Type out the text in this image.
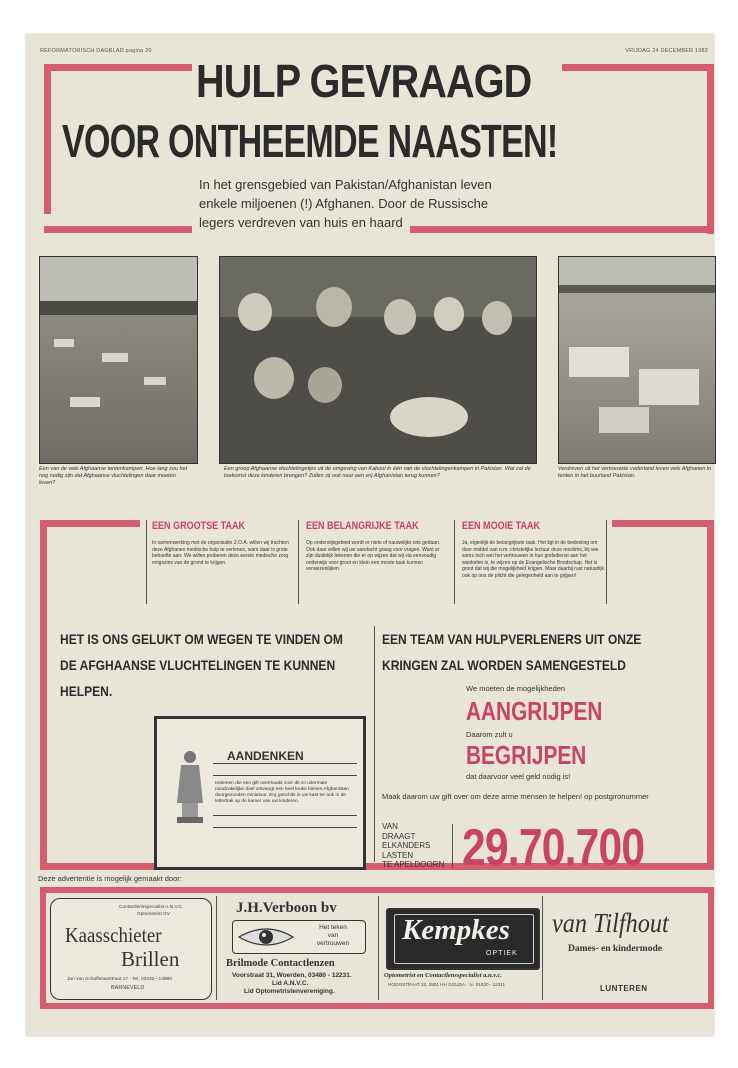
REFORMATORISCH DAGBLAD pagina 20	VRIJDAG 24 DECEMBER 1982
HULP GEVRAAGD
VOOR ONTHEEMDE NAASTEN!
In het grensgebied van Pakistan/Afghanistan leven
enkele miljoenen (!) Afghanen. Door de Russische
legers verdreven van huis en haard
Een van de vele Afghaanse tentenkampen. Hoe lang zou het nog nodig zijn dat Afghaanse vluchtelingen daar moeten leven?
Een groep Afghaanse vluchtelingetjes uit de omgeving van Kabool in één van de vluchtelingenkampen in Pakistan. Wat zal de toekomst deze kinderen brengen? Zullen zij ooit naar een vrij Afghanistan terug kunnen?
Verdreven uit het vertrouwde vaderland leven vele Afghanen in tenten in het buurland Pakistan.
EEN GROOTSE TAAK
In samenwerking met de organisatie Z.O.A. willen wij trachten deze Afghanen medische hulp te verlenen, want daar is grote behoefte aan. We willen proberen deze eerste medische zorg enigszins van de grond te krijgen.
EEN BELANGRIJKE TAAK
Op onderwijsgebied wordt er niets of nauwelijks iets gedaan. Ook daar willen wij uw aandacht graag voor vragen. Want er zijn duidelijk tekenen die er op wijzen dat wij via eenvoudig onderwijs voor groot en klein een mooie taak kunnen verwezenlijken.
EEN MOOIE TAAK
Ja, eigenlijk de belangrijkste taak. Het ligt in de bedoeling om door middel van o.m. christelijke lectuur deze moslims, bij wie soms toch wel het vertrouwen in hun godsdienst aan het wankelen is, te wijzen op de Evangelische Boodschap. Het is groot dat wij die mogelijkheid krijgen. Maar daarbij rust natuurlijk ook op ons de plicht die gelegenheid aan te grijpen!
HET IS ONS GELUKT OM WEGEN TE VINDEN OM
DE AFGHAANSE VLUCHTELINGEN TE KUNNEN
HELPEN.
AANDENKEN
Iedereen die een gift overmaakt voor dit zo uitermate noodzakelijke doel ontvangt een heel leuke binnen Afghanistan doorgezonden miniatuur. Erg geschikt in uw kast ter ook in de letterbak op de kamer van uw kinderen.
EEN TEAM VAN HULPVERLENERS UIT ONZE
KRINGEN ZAL WORDEN SAMENGESTELD
We moeten de mogelijkheden
AANGRIJPEN
Daarom zult u
BEGRIJPEN
dat daarvoor veel geld nodig is!
Maak daarom uw gift over om deze arme mensen te helpen! op postgironummer
VAN
DRAAGT
ELKANDERS
LASTEN
TE APELDOORN 29.70.700
Deze advertentie is mogelijk gemaakt door:
Contactlensspecialist A.N.V.C.
Optometrist GV
Kaasschieter
Brillen
Jan van Schaffelaarstraat 17 - Tel. 03420 - 14980
BARNEVELD
J.H.Verboon bv
Het teken
van
vertrouwen
Brilmode Contactlenzen
Voorstraat 31, Woerden, 03480 - 12231.
Lid A.N.V.C.
Lid Optometristenvereniging.
Kempkes
OPTIEK
Optometrist en Contactlensspecialist a.n.v.c.
HOOGSTRAAT 22, 2801 HH GOUDA · ☏ 01820 - 12311
van Tilfhout
Dames- en kindermode
LUNTEREN
